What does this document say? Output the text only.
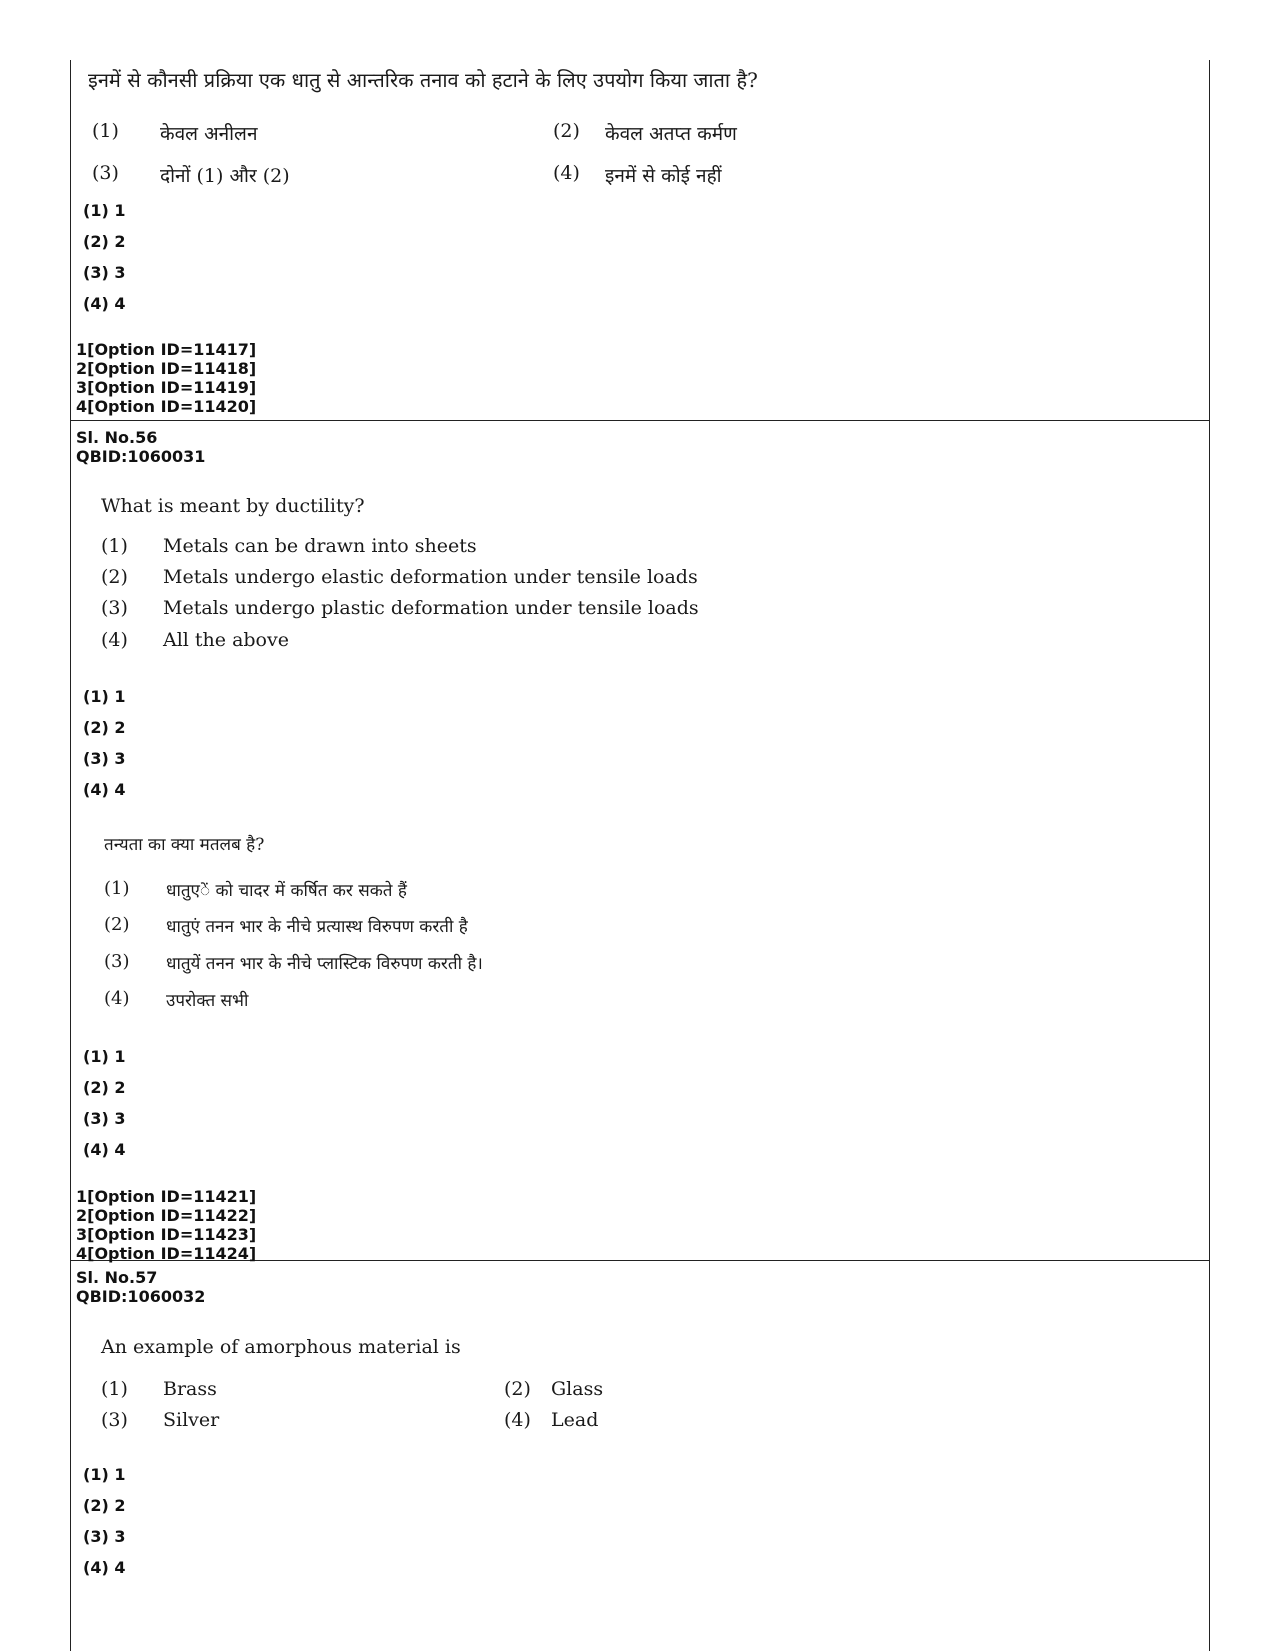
इनमें से कौनसी प्रक्रिया एक धातु से आन्तरिक तनाव को हटाने के लिए उपयोग किया जाता है?
(1) केवल अनीलन	(2) केवल अतप्त कर्मण
(3) दोनों (1) और (2)	(4) इनमें से कोई नहीं
(1) 1
(2) 2
(3) 3
(4) 4
1[Option ID=11417]
2[Option ID=11418]
3[Option ID=11419]
4[Option ID=11420]
Sl. No.56
QBID:1060031
What is meant by ductility?
(1) Metals can be drawn into sheets
(2) Metals undergo elastic deformation under tensile loads
(3) Metals undergo plastic deformation under tensile loads
(4) All the above
(1) 1
(2) 2
(3) 3
(4) 4
तन्यता का क्या मतलब है?
(1) धातुएें को चादर में कर्षित कर सकते हैं
(2) धातुएं तनन भार के नीचे प्रत्यास्थ विरुपण करती है
(3) धातुयें तनन भार के नीचे प्लास्टिक विरुपण करती है।
(4) उपरोक्त सभी
(1) 1
(2) 2
(3) 3
(4) 4
1[Option ID=11421]
2[Option ID=11422]
3[Option ID=11423]
4[Option ID=11424]
Sl. No.57
QBID:1060032
An example of amorphous material is
(1) Brass	(2) Glass
(3) Silver	(4) Lead
(1) 1
(2) 2
(3) 3
(4) 4
